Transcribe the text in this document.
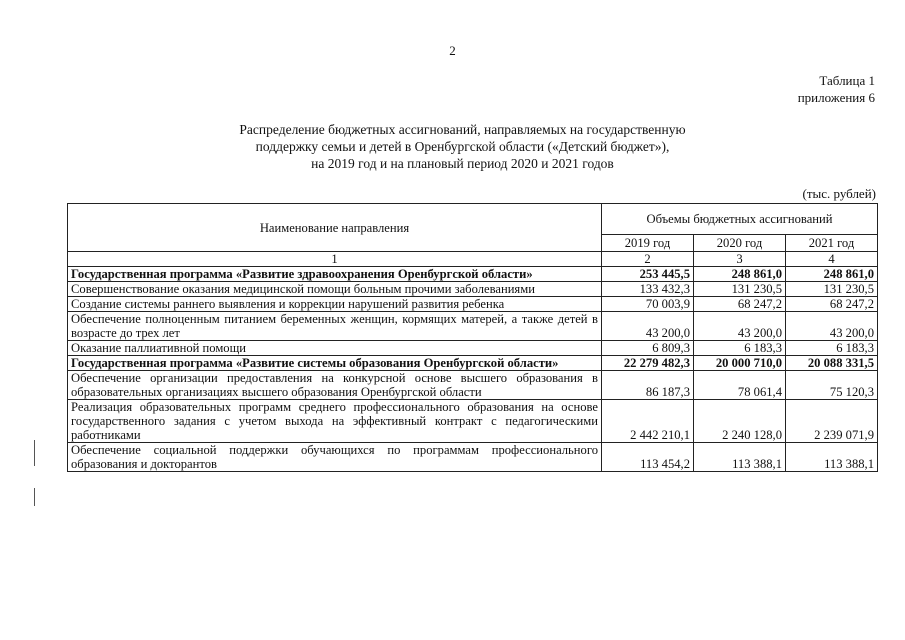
2
Таблица 1
приложения 6
Распределение бюджетных ассигнований, направляемых на государственную
поддержку семьи и детей в Оренбургской области («Детский бюджет»),
на 2019 год и на плановый период 2020 и 2021 годов
(тыс. рублей)
Наименование направления	Объемы бюджетных ассигнований		
	2019 год	2020 год	2021 год
1	2	3	4
Государственная программа «Развитие здравоохранения Оренбургской области»	253 445,5	248 861,0	248 861,0
Совершенствование оказания медицинской помощи больным прочими заболеваниями	133 432,3	131 230,5	131 230,5
Создание системы раннего выявления и коррекции нарушений развития ребенка	70 003,9	68 247,2	68 247,2
Обеспечение полноценным питанием беременных женщин, кормящих матерей, а также детей в возрасте до трех лет	43 200,0	43 200,0	43 200,0
Оказание паллиативной помощи	6 809,3	6 183,3	6 183,3
Государственная программа «Развитие системы образования Оренбургской области»	22 279 482,3	20 000 710,0	20 088 331,5
Обеспечение организации предоставления на конкурсной основе высшего образования в образовательных организациях высшего образования Оренбургской области	86 187,3	78 061,4	75 120,3
Реализация образовательных программ среднего профессионального образования на основе государственного задания с учетом выхода на эффективный контракт с педагогическими работниками	2 442 210,1	2 240 128,0	2 239 071,9
Обеспечение социальной поддержки обучающихся по программам профессионального образования и докторантов	113 454,2	113 388,1	113 388,1
